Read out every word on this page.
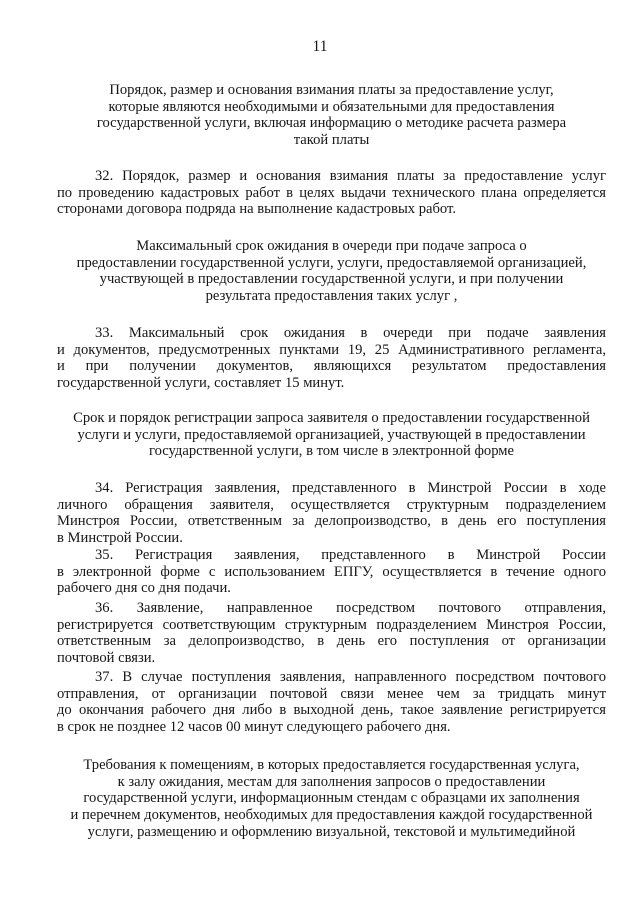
11
Порядок, размер и основания взимания платы за предоставление услуг,
которые являются необходимыми и обязательными для предоставления
государственной услуги, включая информацию о методике расчета размера
такой платы
32. Порядок, размер и основания взимания платы за предоставление услуг
по проведению кадастровых работ в целях выдачи технического плана определяется
сторонами договора подряда на выполнение кадастровых работ.
Максимальный срок ожидания в очереди при подаче запроса о
предоставлении государственной услуги, услуги, предоставляемой организацией,
участвующей в предоставлении государственной услуги, и при получении
результата предоставления таких услуг ,
33. Максимальный срок ожидания в очереди при подаче заявления
и документов, предусмотренных пунктами 19, 25 Административного регламента,
и при получении документов, являющихся результатом предоставления
государственной услуги, составляет 15 минут.
Срок и порядок регистрации запроса заявителя о предоставлении государственной
услуги и услуги, предоставляемой организацией, участвующей в предоставлении
государственной услуги, в том числе в электронной форме
34. Регистрация заявления, представленного в Минстрой России в ходе
личного обращения заявителя, осуществляется структурным подразделением
Минстроя России, ответственным за делопроизводство, в день его поступления
в Минстрой России.
35. Регистрация заявления, представленного в Минстрой России
в электронной форме с использованием ЕПГУ, осуществляется в течение одного
рабочего дня со дня подачи.
36. Заявление, направленное посредством почтового отправления,
регистрируется соответствующим структурным подразделением Минстроя России,
ответственным за делопроизводство, в день его поступления от организации
почтовой связи.
37. В случае поступления заявления, направленного посредством почтового
отправления, от организации почтовой связи менее чем за тридцать минут
до окончания рабочего дня либо в выходной день, такое заявление регистрируется
в срок не позднее 12 часов 00 минут следующего рабочего дня.
Требования к помещениям, в которых предоставляется государственная услуга,
к залу ожидания, местам для заполнения запросов о предоставлении
государственной услуги, информационным стендам с образцами их заполнения
и перечнем документов, необходимых для предоставления каждой государственной
услуги, размещению и оформлению визуальной, текстовой и мультимедийной
